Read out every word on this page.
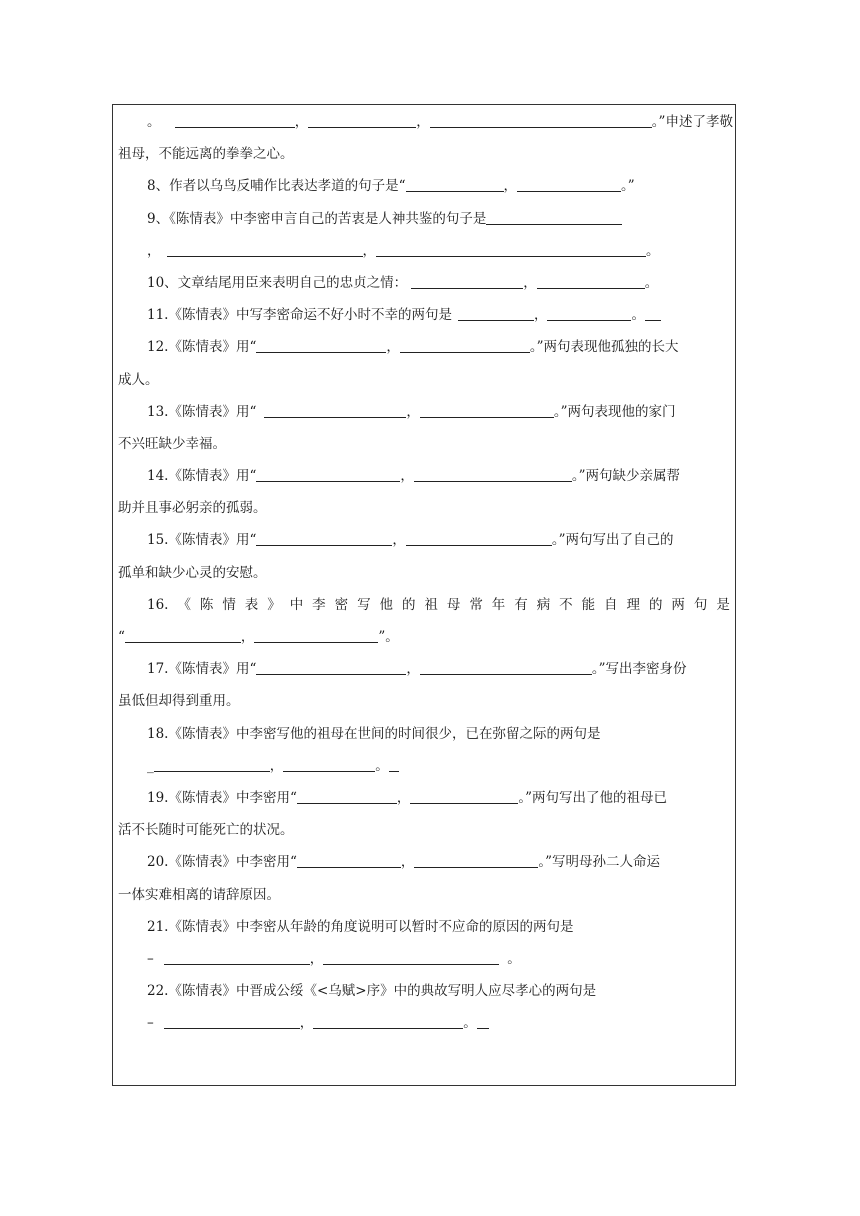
。	，	，	。”申述了孝敬
祖母，不能远离的拳拳之心。
8、作者以乌鸟反哺作比表达孝道的句子是“	，	。”
9、《陈情表》中李密申言自己的苦衷是人神共鉴的句子是
，	，	。
10、文章结尾用臣来表明自己的忠贞之情：	，	。
11.《陈情表》中写李密命运不好小时不幸的两句是	，	。
12.《陈情表》用“	，	。”两句表现他孤独的长大
成人。
13.《陈情表》用“	，	。”两句表现他的家门
不兴旺缺少幸福。
14.《陈情表》用“	，	。”两句缺少亲属帮
助并且事必躬亲的孤弱。
15.《陈情表》用“	，	。”两句写出了自己的
孤单和缺少心灵的安慰。
16. 《 陈 情 表 》 中 李 密 写 他 的 祖 母 常 年 有 病 不 能 自 理 的 两 句 是
“	，	”。
17.《陈情表》用“	，	。”写出李密身份
虽低但却得到重用。
18.《陈情表》中李密写他的祖母在世间的时间很少，已在弥留之际的两句是
_	，	。
19.《陈情表》中李密用“	，	。”两句写出了他的祖母已
活不长随时可能死亡的状况。
20.《陈情表》中李密用“	，	。”写明母孙二人命运
一体实难相离的请辞原因。
21.《陈情表》中李密从年龄的角度说明可以暂时不应命的原因的两句是
–	，	。
22.《陈情表》中晋成公绥《<乌赋>序》中的典故写明人应尽孝心的两句是
–	，	。
